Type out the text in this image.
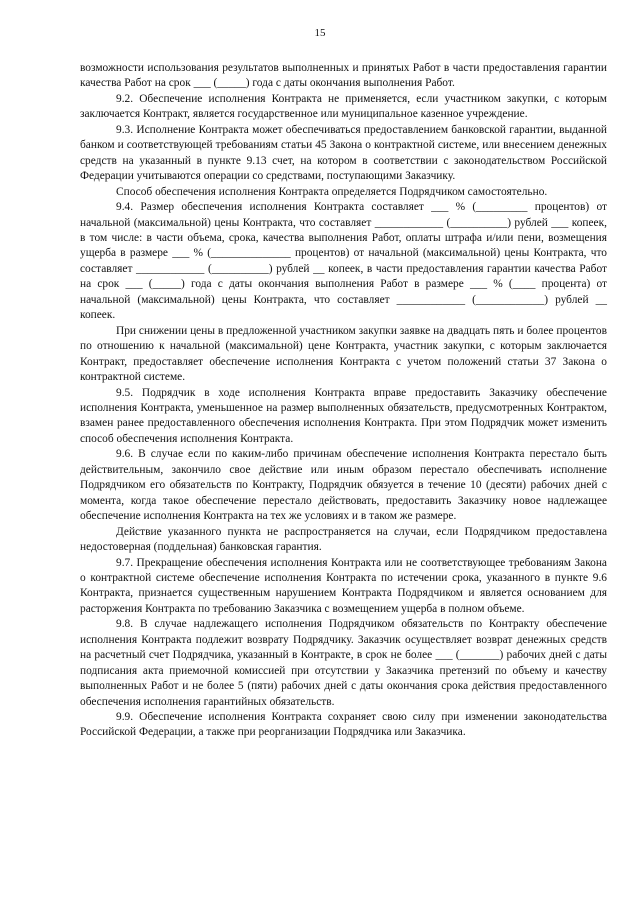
15

возможности использования результатов выполненных и принятых Работ в части предоставления гарантии качества Работ на срок ___ (_____) года с даты окончания выполнения Работ.

9.2. Обеспечение исполнения Контракта не применяется, если участником закупки, с которым заключается Контракт, является государственное или муниципальное казенное учреждение.

9.3. Исполнение Контракта может обеспечиваться предоставлением банковской гарантии, выданной банком и соответствующей требованиям статьи 45 Закона о контрактной системе, или внесением денежных средств на указанный в пункте 9.13 счет, на котором в соответствии с законодательством Российской Федерации учитываются операции со средствами, поступающими Заказчику.

Способ обеспечения исполнения Контракта определяется Подрядчиком самостоятельно.

9.4. Размер обеспечения исполнения Контракта составляет ___ % (_________ процентов) от начальной (максимальной) цены Контракта, что составляет ____________ (__________) рублей ___ копеек, в том числе: в части объема, срока, качества выполнения Работ, оплаты штрафа и/или пени, возмещения ущерба в размере ___ % (______________ процентов) от начальной (максимальной) цены Контракта, что составляет ____________ (__________) рублей __ копеек, в части предоставления гарантии качества Работ на срок ___ (_____) года с даты окончания выполнения Работ в размере ___ % (____ процента) от начальной (максимальной) цены Контракта, что составляет ____________ (____________) рублей __ копеек.

При снижении цены в предложенной участником закупки заявке на двадцать пять и более процентов по отношению к начальной (максимальной) цене Контракта, участник закупки, с которым заключается Контракт, предоставляет обеспечение исполнения Контракта с учетом положений статьи 37 Закона о контрактной системе.

9.5. Подрядчик в ходе исполнения Контракта вправе предоставить Заказчику обеспечение исполнения Контракта, уменьшенное на размер выполненных обязательств, предусмотренных Контрактом, взамен ранее предоставленного обеспечения исполнения Контракта. При этом Подрядчик может изменить способ обеспечения исполнения Контракта.

9.6. В случае если по каким-либо причинам обеспечение исполнения Контракта перестало быть действительным, закончило свое действие или иным образом перестало обеспечивать исполнение Подрядчиком его обязательств по Контракту, Подрядчик обязуется в течение 10 (десяти) рабочих дней с момента, когда такое обеспечение перестало действовать, предоставить Заказчику новое надлежащее обеспечение исполнения Контракта на тех же условиях и в таком же размере.

Действие указанного пункта не распространяется на случаи, если Подрядчиком предоставлена недостоверная (поддельная) банковская гарантия.

9.7. Прекращение обеспечения исполнения Контракта или не соответствующее требованиям Закона о контрактной системе обеспечение исполнения Контракта по истечении срока, указанного в пункте 9.6 Контракта, признается существенным нарушением Контракта Подрядчиком и является основанием для расторжения Контракта по требованию Заказчика с возмещением ущерба в полном объеме.

9.8. В случае надлежащего исполнения Подрядчиком обязательств по Контракту обеспечение исполнения Контракта подлежит возврату Подрядчику. Заказчик осуществляет возврат денежных средств на расчетный счет Подрядчика, указанный в Контракте, в срок не более ___ (_______) рабочих дней с даты подписания акта приемочной комиссией при отсутствии у Заказчика претензий по объему и качеству выполненных Работ и не более 5 (пяти) рабочих дней с даты окончания срока действия предоставленного обеспечения исполнения гарантийных обязательств.

9.9. Обеспечение исполнения Контракта сохраняет свою силу при изменении законодательства Российской Федерации, а также при реорганизации Подрядчика или Заказчика.
